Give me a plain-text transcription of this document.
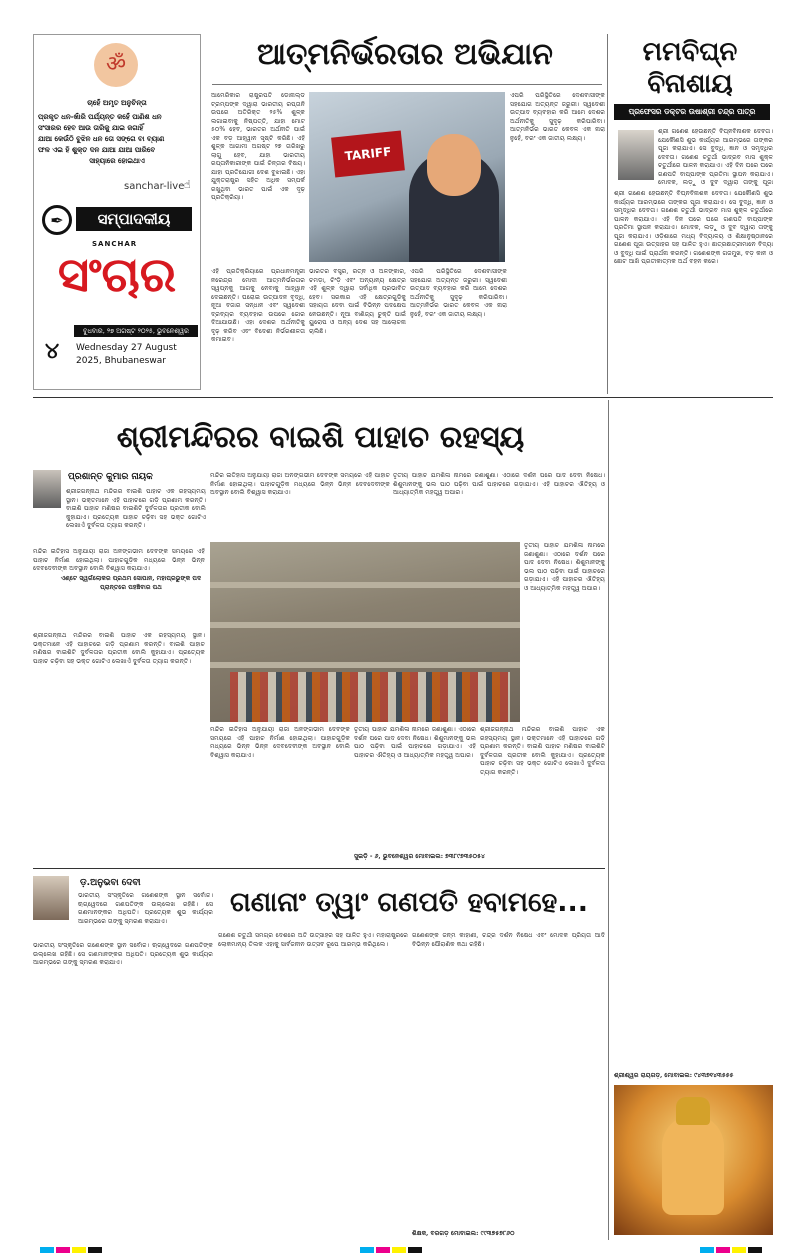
ॐ
ଚାହେଁ ଅମୃତ ଅନୁଚିନ୍ତା
ପ୍ରକୃତ ଧନ-ଖାଁରି ପର୍ଯ୍ୟନ୍ତ କହେଁ ପାଣିଶ ଧନ
ସଂସାରର ହେବ ଆଉ ତାରିକୁ ଯାଇ ଜଗାହିଁ
ଯାଆ କେଉଁଠି ବୁଝିନ ଧନ ତୋ ସଙ୍ଗେ ବା ବ୍ୟାଣ
ଫଳ ଏଇ ହି ଶୁକ୍ତ ଦନ ଯାଆ ଯାଆ ପାରିବେ
ସାହ୍ୟାରେ ହୋଇଥାଏ
sanchar-live ☝
✒	ସମ୍ପାଦକୀୟ
SANCHAR
ସଂଚାର
୪
ବୁଧବାର, ୨୭ ଅଗଷ୍ଟ ୨୦୨୫, ଭୁବନେଶ୍ୱର
Wednesday 27 August
2025, Bhubaneswar
ଆତ୍ମନିର୍ଭରତାର ଅଭିଯାନ
ଆମେରିକାର ରାଷ୍ଟ୍ରପତି ଡୋନାଲ୍ଡ ଟ୍ରମ୍ପଙ୍କ ଦ୍ୱାରା ଭାରତୀୟ ରପ୍ତାନି ଉପରେ ଅତିରିକ୍ତ ୨୫% ଶୁଳ୍କ ଲଗାଇବାକୁ ନିଷ୍ପତ୍ତି, ଯାହା ମୋଟ ୫୦% ହେବ, ଭାରତର ଅର୍ଥନୀତି ପାଇଁ ଏକ ବଡ଼ ଆହ୍ୱାନ ସୃଷ୍ଟି କରିଛି। ଏହି ଶୁଳ୍କ ଆଗାମୀ ଅଗଷ୍ଟ ୨୭ ତାରିଖରୁ ଲାଗୁ ହେବ, ଯାହା ଭାରତୀୟ ରପ୍ତାନିକାରୀଙ୍କ ପାଇଁ ଚିନ୍ତାର ବିଷୟ। ଯାହା ପ୍ରତିଯୋଗୀ ଦେଶ ବୁଝାଇଛି। ଏହା ଯୁକ୍ତରାଷ୍ଟ୍ର ସହିତ ଅଧିକ ସମ୍ପର୍କ ରଖୁଥିବା ଭାରତ ପାଇଁ ଏକ ଦୃଢ଼ ପ୍ରତିକ୍ରିୟା।
ଏହି ପ୍ରତିକ୍ରିୟାରେ ପ୍ରଧାନମନ୍ତ୍ରୀ ନରେନ୍ଦ୍ର ମୋଦୀ ଆତ୍ମନିର୍ଭରତାର ସ୍ୱପ୍ନକୁ ଆଗକୁ ନେବାକୁ ଆହ୍ୱାନ ଦେଇଛନ୍ତି। ଘରୋଇ ଉତ୍ପାଦନ ବୃଦ୍ଧି, ନୂଆ ବଜାର ସନ୍ଧାନ ଏବଂ ସ୍ୱଦେଶୀ ଦ୍ରବ୍ୟର ବ୍ୟବହାର ଉପରେ ଜୋର ଦିଆଯାଉଛି। ଏହା ଦେଶର ଅର୍ଥନୀତିକୁ ଦୃଢ଼ କରିବ ଏବଂ ବିଦେଶୀ ନିର୍ଭରଶୀଳତା କମାଇବ।
ଭାରତର ବସ୍ତ୍ର, ରତ୍ନ ଓ ଅଳଙ୍କାର, ଚମଡ଼ା, ଚିଂଡ଼ି ଏବଂ ଅନ୍ୟାନ୍ୟ କ୍ଷେତ୍ର ଏହି ଶୁଳ୍କ ଦ୍ୱାରା ସର୍ବାଧିକ ପ୍ରଭାବିତ ହେବ। ସରକାର ଏହି କ୍ଷେତ୍ରଗୁଡ଼ିକୁ ସହାୟତା ଦେବା ପାଇଁ ବିଭିନ୍ନ ପଦକ୍ଷେପ ନେଉଛନ୍ତି। ନୂଆ ବାଣିଜ୍ୟ ଚୁକ୍ତି ପାଇଁ ୟୁରୋପ ଓ ଅନ୍ୟ ଦେଶ ସହ ଆଲୋଚନା ଚାଲିଛି।
ଏପରି ପରିସ୍ଥିତିରେ ଦେଶବାସୀଙ୍କ ସହଯୋଗ ଅତ୍ୟନ୍ତ ଜରୁରୀ। ସ୍ୱଦେଶୀ ଉତ୍ପାଦ ବ୍ୟବହାର କରି ଆମେ ଦେଶର ଅର୍ଥନୀତିକୁ ସୁଦୃଢ଼ କରିପାରିବା। ଆତ୍ମନିର୍ଭର ଭାରତ କେବଳ ଏକ ନାରା ନୁହେଁ, ବରଂ ଏକ ଜାତୀୟ ଲକ୍ଷ୍ୟ।
ଏପରି ପରିସ୍ଥିତିରେ ଦେଶବାସୀଙ୍କ ସହଯୋଗ ଅତ୍ୟନ୍ତ ଜରୁରୀ। ସ୍ୱଦେଶୀ ଉତ୍ପାଦ ବ୍ୟବହାର କରି ଆମେ ଦେଶର ଅର୍ଥନୀତିକୁ ସୁଦୃଢ଼ କରିପାରିବା। ଆତ୍ମନିର୍ଭର ଭାରତ କେବଳ ଏକ ନାରା ନୁହେଁ, ବରଂ ଏକ ଜାତୀୟ ଲକ୍ଷ୍ୟ।
TARIFF
ମମବିଘ୍ନ
ବିନାଶାୟ
ପ୍ରଫେସର ଡକ୍ଟର ଉଷାଶ୍ରୀ ଚନ୍ଦ୍ର ପାତ୍ର
ଶ୍ରୀ ଗଣେଶ ହେଉଛନ୍ତି ବିଘ୍ନବିନାଶକ ଦେବତା। ଯେକୌଣସି ଶୁଭ କାର୍ଯ୍ୟର ଆରମ୍ଭରେ ତାଙ୍କର ପୂଜା କରାଯାଏ। ସେ ବୁଦ୍ଧି, ଜ୍ଞାନ ଓ ସମୃଦ୍ଧିର ଦେବତା। ଗଣେଶ ଚତୁର୍ଥୀ ଭାଦ୍ରବ ମାସ ଶୁକ୍ଳ ଚତୁର୍ଥୀରେ ପାଳନ କରାଯାଏ। ଏହି ଦିନ ଘରେ ଘରେ ଗଣପତି ବାପ୍ପାଙ୍କ ପ୍ରତିମା ସ୍ଥାପନ କରାଯାଏ। ମୋଦକ, ଲଡ଼ୁ ଓ ଦୁବ ଦ୍ୱାରା ତାଙ୍କୁ ପୂଜା
ଶ୍ରୀ ଗଣେଶ ହେଉଛନ୍ତି ବିଘ୍ନବିନାଶକ ଦେବତା। ଯେକୌଣସି ଶୁଭ କାର୍ଯ୍ୟର ଆରମ୍ଭରେ ତାଙ୍କର ପୂଜା କରାଯାଏ। ସେ ବୁଦ୍ଧି, ଜ୍ଞାନ ଓ ସମୃଦ୍ଧିର ଦେବତା। ଗଣେଶ ଚତୁର୍ଥୀ ଭାଦ୍ରବ ମାସ ଶୁକ୍ଳ ଚତୁର୍ଥୀରେ ପାଳନ କରାଯାଏ। ଏହି ଦିନ ଘରେ ଘରେ ଗଣପତି ବାପ୍ପାଙ୍କ ପ୍ରତିମା ସ୍ଥାପନ କରାଯାଏ। ମୋଦକ, ଲଡ଼ୁ ଓ ଦୁବ ଦ୍ୱାରା ତାଙ୍କୁ ପୂଜା କରାଯାଏ। ଓଡ଼ିଶାରେ ମଧ୍ୟ ବିଦ୍ୟାଳୟ ଓ ଶିକ୍ଷାନୁଷ୍ଠାନରେ ଗଣେଶ ପୂଜା ଉତ୍ସାହର ସହ ପାଳିତ ହୁଏ। ଛାତ୍ରଛାତ୍ରୀମାନେ ବିଦ୍ୟା ଓ ବୁଦ୍ଧି ପାଇଁ ପ୍ରାର୍ଥନା କରନ୍ତି। ଗଣେଶଙ୍କ ଗଜମୁଖ, ବଡ଼ କାନ ଓ ଛୋଟ ଆଖି ପ୍ରତୀକାତ୍ମକ ଅର୍ଥ ବହନ କରେ।
ଶ୍ରୀଶ୍ୱର ରାୟଗଡ଼, ମୋବାଇଲ: ୯୪୩୭୧୪୩୫୫୫
ଶ୍ରୀମନ୍ଦିରର ବାଇଶି ପାହାଚ ରହସ୍ୟ
ପ୍ରଶାନ୍ତ କୁମାର ନାୟକ
ଶ୍ରୀଜଗନ୍ନାଥ ମନ୍ଦିରର ବାଇଶି ପାହାଚ ଏକ ରହସ୍ୟମୟ ସ୍ଥାନ। ଭକ୍ତମାନେ ଏହି ପାହାଚରେ ଗଡ଼ି ପ୍ରଣାମ କରନ୍ତି। ବାଇଶି ପାହାଚ ମଣିଷର ବାଇଶିଟି ଦୁର୍ବଳତାର ପ୍ରତୀକ ବୋଲି କୁହାଯାଏ। ପ୍ରତ୍ୟେକ ପାହାଚ ଚଢ଼ିବା ସହ ଭକ୍ତ ଗୋଟିଏ ଲେଖାଏଁ ଦୁର୍ବଳତା ତ୍ୟାଗ କରନ୍ତି।
ଏଣ୍ଟେ ସ୍ୱର୍ଗଲୋକର ପ୍ରଥମ ସୋପାନ, ମହାପ୍ରଭୁଙ୍କ ପଦ ପ୍ରାନ୍ତରେ ପହଞ୍ଚିବାର ପଥ
ଶ୍ରୀଜଗନ୍ନାଥ ମନ୍ଦିରର ବାଇଶି ପାହାଚ ଏକ ରହସ୍ୟମୟ ସ୍ଥାନ। ଭକ୍ତମାନେ ଏହି ପାହାଚରେ ଗଡ଼ି ପ୍ରଣାମ କରନ୍ତି। ବାଇଶି ପାହାଚ ମଣିଷର ବାଇଶିଟି ଦୁର୍ବଳତାର ପ୍ରତୀକ ବୋଲି କୁହାଯାଏ। ପ୍ରତ୍ୟେକ ପାହାଚ ଚଢ଼ିବା ସହ ଭକ୍ତ ଗୋଟିଏ ଲେଖାଏଁ ଦୁର୍ବଳତା ତ୍ୟାଗ କରନ୍ତି।
ମନ୍ଦିର ଇତିହାସ ଅନୁଯାୟୀ ରାଜା ଅନଙ୍ଗଭୀମ ଦେବଙ୍କ ସମୟରେ ଏହି ପାହାଚ ନିର୍ମାଣ ହୋଇଥିଲା। ପାହାଚଗୁଡ଼ିକ ମଧ୍ୟରେ ଭିନ୍ନ ଭିନ୍ନ ଦେବଦେବୀଙ୍କ ଅବସ୍ଥାନ ବୋଲି ବିଶ୍ୱାସ କରାଯାଏ।
ମନ୍ଦିର ଇତିହାସ ଅନୁଯାୟୀ ରାଜା ଅନଙ୍ଗଭୀମ ଦେବଙ୍କ ସମୟରେ ଏହି ପାହାଚ ନିର୍ମାଣ ହୋଇଥିଲା। ପାହାଚଗୁଡ଼ିକ ମଧ୍ୟରେ ଭିନ୍ନ ଭିନ୍ନ ଦେବଦେବୀଙ୍କ ଅବସ୍ଥାନ ବୋଲି ବିଶ୍ୱାସ କରାଯାଏ।
ତୃତୀୟ ପାହାଚ ଯମଶିଳା ନାମରେ ଜଣାଶୁଣା। ଏଠାରେ ଦର୍ଶନ ପରେ ପାଦ ଦେବା ନିଷେଧ। ଶିଶୁମାନଙ୍କୁ ଭଲ ପାଠ ପଢ଼ିବା ପାଇଁ ପାହାଚରେ ଗଡ଼ାଯାଏ। ଏହି ପାହାଚର ଐତିହ୍ୟ ଓ ଆଧ୍ୟାତ୍ମିକ ମହତ୍ତ୍ୱ ଅପାର।
ତୃତୀୟ ପାହାଚ ଯମଶିଳା ନାମରେ ଜଣାଶୁଣା। ଏଠାରେ ଦର୍ଶନ ପରେ ପାଦ ଦେବା ନିଷେଧ। ଶିଶୁମାନଙ୍କୁ ଭଲ ପାଠ ପଢ଼ିବା ପାଇଁ ପାହାଚରେ ଗଡ଼ାଯାଏ। ଏହି ପାହାଚର ଐତିହ୍ୟ ଓ ଆଧ୍ୟାତ୍ମିକ ମହତ୍ତ୍ୱ ଅପାର।
ମନ୍ଦିର ଇତିହାସ ଅନୁଯାୟୀ ରାଜା ଅନଙ୍ଗଭୀମ ଦେବଙ୍କ ସମୟରେ ଏହି ପାହାଚ ନିର୍ମାଣ ହୋଇଥିଲା। ପାହାଚଗୁଡ଼ିକ ମଧ୍ୟରେ ଭିନ୍ନ ଭିନ୍ନ ଦେବଦେବୀଙ୍କ ଅବସ୍ଥାନ ବୋଲି ବିଶ୍ୱାସ କରାଯାଏ।
ତୃତୀୟ ପାହାଚ ଯମଶିଳା ନାମରେ ଜଣାଶୁଣା। ଏଠାରେ ଦର୍ଶନ ପରେ ପାଦ ଦେବା ନିଷେଧ। ଶିଶୁମାନଙ୍କୁ ଭଲ ପାଠ ପଢ଼ିବା ପାଇଁ ପାହାଚରେ ଗଡ଼ାଯାଏ। ଏହି ପାହାଚର ଐତିହ୍ୟ ଓ ଆଧ୍ୟାତ୍ମିକ ମହତ୍ତ୍ୱ ଅପାର।
ଶ୍ରୀଜଗନ୍ନାଥ ମନ୍ଦିରର ବାଇଶି ପାହାଚ ଏକ ରହସ୍ୟମୟ ସ୍ଥାନ। ଭକ୍ତମାନେ ଏହି ପାହାଚରେ ଗଡ଼ି ପ୍ରଣାମ କରନ୍ତି। ବାଇଶି ପାହାଚ ମଣିଷର ବାଇଶିଟି ଦୁର୍ବଳତାର ପ୍ରତୀକ ବୋଲି କୁହାଯାଏ। ପ୍ରତ୍ୟେକ ପାହାଚ ଚଢ଼ିବା ସହ ଭକ୍ତ ଗୋଟିଏ ଲେଖାଏଁ ଦୁର୍ବଳତା ତ୍ୟାଗ କରନ୍ତି।
ସୁଇଡ଼ି - ୬, ଭୁବନେଶ୍ୱର ମୋବାଇଲ: ୭୩୮୯୭୩୫୦୫୪
ଡ଼.ଅନୁଭବା ଦେବୀ
ଭାରତୀୟ ସଂସ୍କୃତିରେ ଗଣେଶଙ୍କ ସ୍ଥାନ ସର୍ବୋଚ୍ଚ। ଋଗ୍ୱେଦରେ ଗଣପତିଙ୍କ ଉଲ୍ଲେଖ ରହିଛି। ସେ ଗଣମାନଙ୍କର ଅଧିପତି। ପ୍ରତ୍ୟେକ ଶୁଭ କାର୍ଯ୍ୟର ଆରମ୍ଭରେ ତାଙ୍କୁ ସ୍ମରଣ କରାଯାଏ।
ଗଣାନାଂ ତ୍ୱାଂ ଗଣପତି ହବାମହେ...
ଭାରତୀୟ ସଂସ୍କୃତିରେ ଗଣେଶଙ୍କ ସ୍ଥାନ ସର୍ବୋଚ୍ଚ। ଋଗ୍ୱେଦରେ ଗଣପତିଙ୍କ ଉଲ୍ଲେଖ ରହିଛି। ସେ ଗଣମାନଙ୍କର ଅଧିପତି। ପ୍ରତ୍ୟେକ ଶୁଭ କାର୍ଯ୍ୟର ଆରମ୍ଭରେ ତାଙ୍କୁ ସ୍ମରଣ କରାଯାଏ।
ଗଣେଶ ଚତୁର୍ଥୀ ସମଗ୍ର ଦେଶରେ ଅତି ଉତ୍ସାହର ସହ ପାଳିତ ହୁଏ। ମହାରାଷ୍ଟ୍ରରେ ଲୋକମାନ୍ୟ ତିଲକ ଏହାକୁ ସାର୍ବଜନୀନ ଉତ୍ସବ ରୂପେ ଆରମ୍ଭ କରିଥିଲେ।
ଗଣେଶଙ୍କ ଜନ୍ମ କାହାଣୀ, ଚନ୍ଦ୍ର ଦର୍ଶନ ନିଷେଧ ଏବଂ ମୋଦକ ପ୍ରିୟତା ଆଦି ବିଭିନ୍ନ ପୌରାଣିକ କଥା ରହିଛି।
ଶିକ୍ଷକ, ବରଗଡ଼ ମୋବାଇଲ: ୯୯୩୭୫୭୮୬୦
